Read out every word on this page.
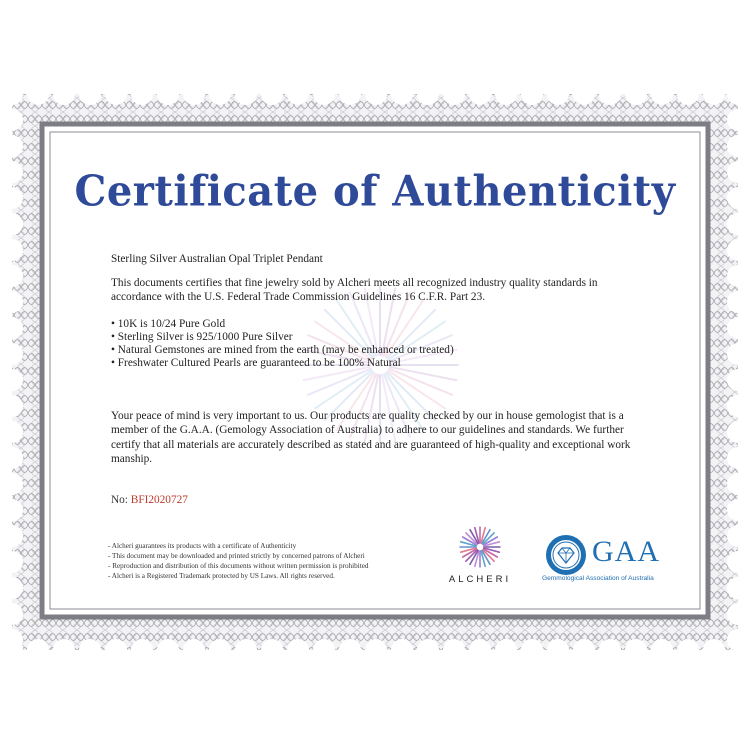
Certificate of Authenticity
Sterling Silver Australian Opal Triplet Pendant
This documents certifies that fine jewelry sold by Alcheri meets all recognized industry quality standards in accordance with the U.S. Federal Trade Commission Guidelines 16 C.F.R. Part 23.
• 10K is 10/24 Pure Gold
• Sterling Silver is 925/1000 Pure Silver
• Natural Gemstones are mined from the earth (may be enhanced or treated)
• Freshwater Cultured Pearls are guaranteed to be 100% Natural
Your peace of mind is very important to us. Our products are quality checked by our in house gemologist that is a member of the G.A.A. (Gemology Association of Australia) to adhere to our guidelines and standards. We further certify that all materials are accurately described as stated and are guaranteed of high-quality and exceptional work manship.
No: BFI2020727
- Alcheri guarantees its products with a certificate of Authenticity
- This document may be downloaded and printed strictly by concerned patrons of Alcheri
- Reproduction and distribution of this documents without written permission is prohibited
- Alcheri is a Registered Trademark protected by US Laws. All rights reserved.	ALCHERI
GAA
Gemmological Association of Australia
